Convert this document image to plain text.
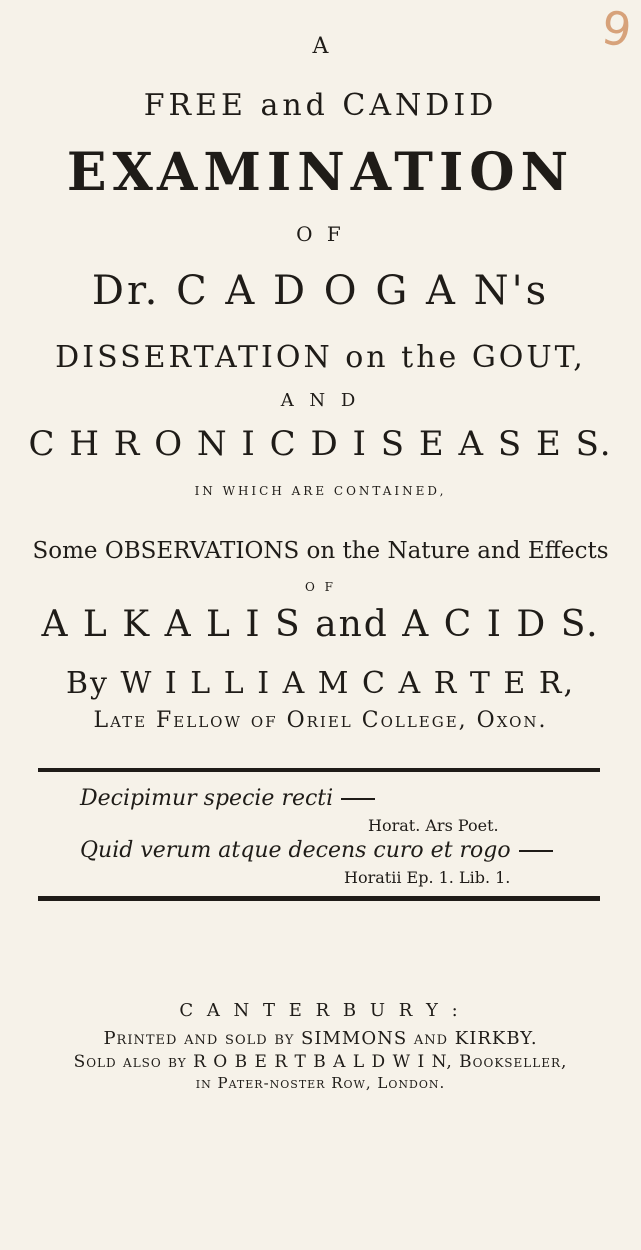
9
A
FREE and CANDID
EXAMINATION
O F
Dr. C A D O G A N's
DISSERTATION on the GOUT,
A N D
C H R O N I C D I S E A S E S.
IN WHICH ARE CONTAINED,
Some OBSERVATIONS on the Nature and Effects
O F
A L K A L I S and A C I D S.
By W I L L I A M C A R T E R,
Late Fellow of Oriel College, Oxon.
Decipimur specie recti
Horat. Ars Poet.
Quid verum atque decens curo et rogo
Horatii Ep. 1. Lib. 1.
C A N T E R B U R Y :
Printed and sold by SIMMONS and KIRKBY.
Sold also by R O B E R T B A L D W I N, Bookseller,
in Pater-noster Row, London.
